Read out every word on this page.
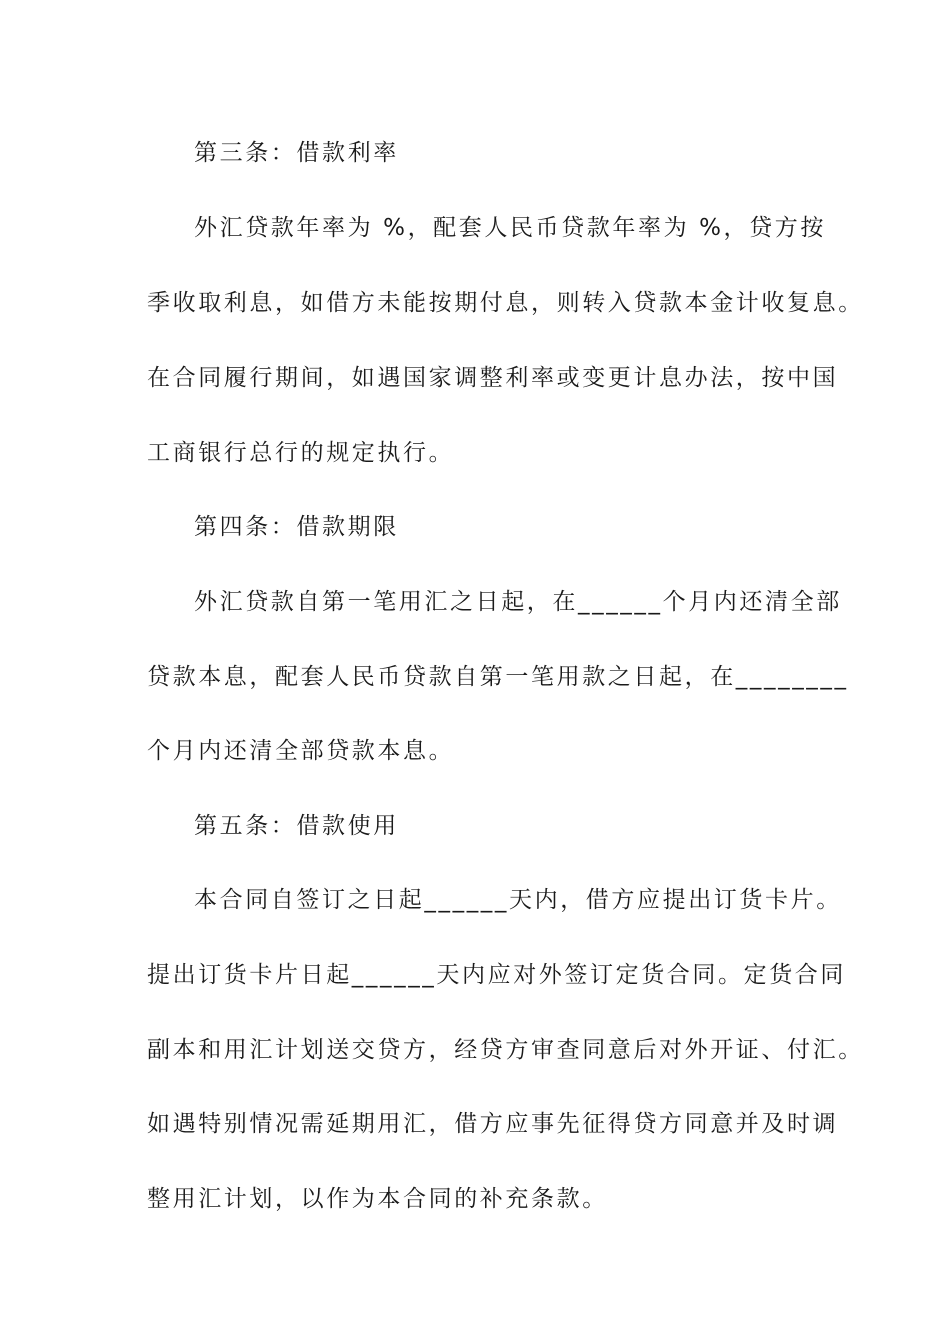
第三条：借款利率
外汇贷款年率为 %，配套人民币贷款年率为 %，贷方按
季收取利息，如借方未能按期付息，则转入贷款本金计收复息。
在合同履行期间，如遇国家调整利率或变更计息办法，按中国
工商银行总行的规定执行。
第四条：借款期限
外汇贷款自第一笔用汇之日起，在______个月内还清全部
贷款本息，配套人民币贷款自第一笔用款之日起，在________
个月内还清全部贷款本息。
第五条：借款使用
本合同自签订之日起______天内，借方应提出订货卡片。
提出订货卡片日起______天内应对外签订定货合同。定货合同
副本和用汇计划送交贷方，经贷方审查同意后对外开证、付汇。
如遇特别情况需延期用汇，借方应事先征得贷方同意并及时调
整用汇计划，以作为本合同的补充条款。
